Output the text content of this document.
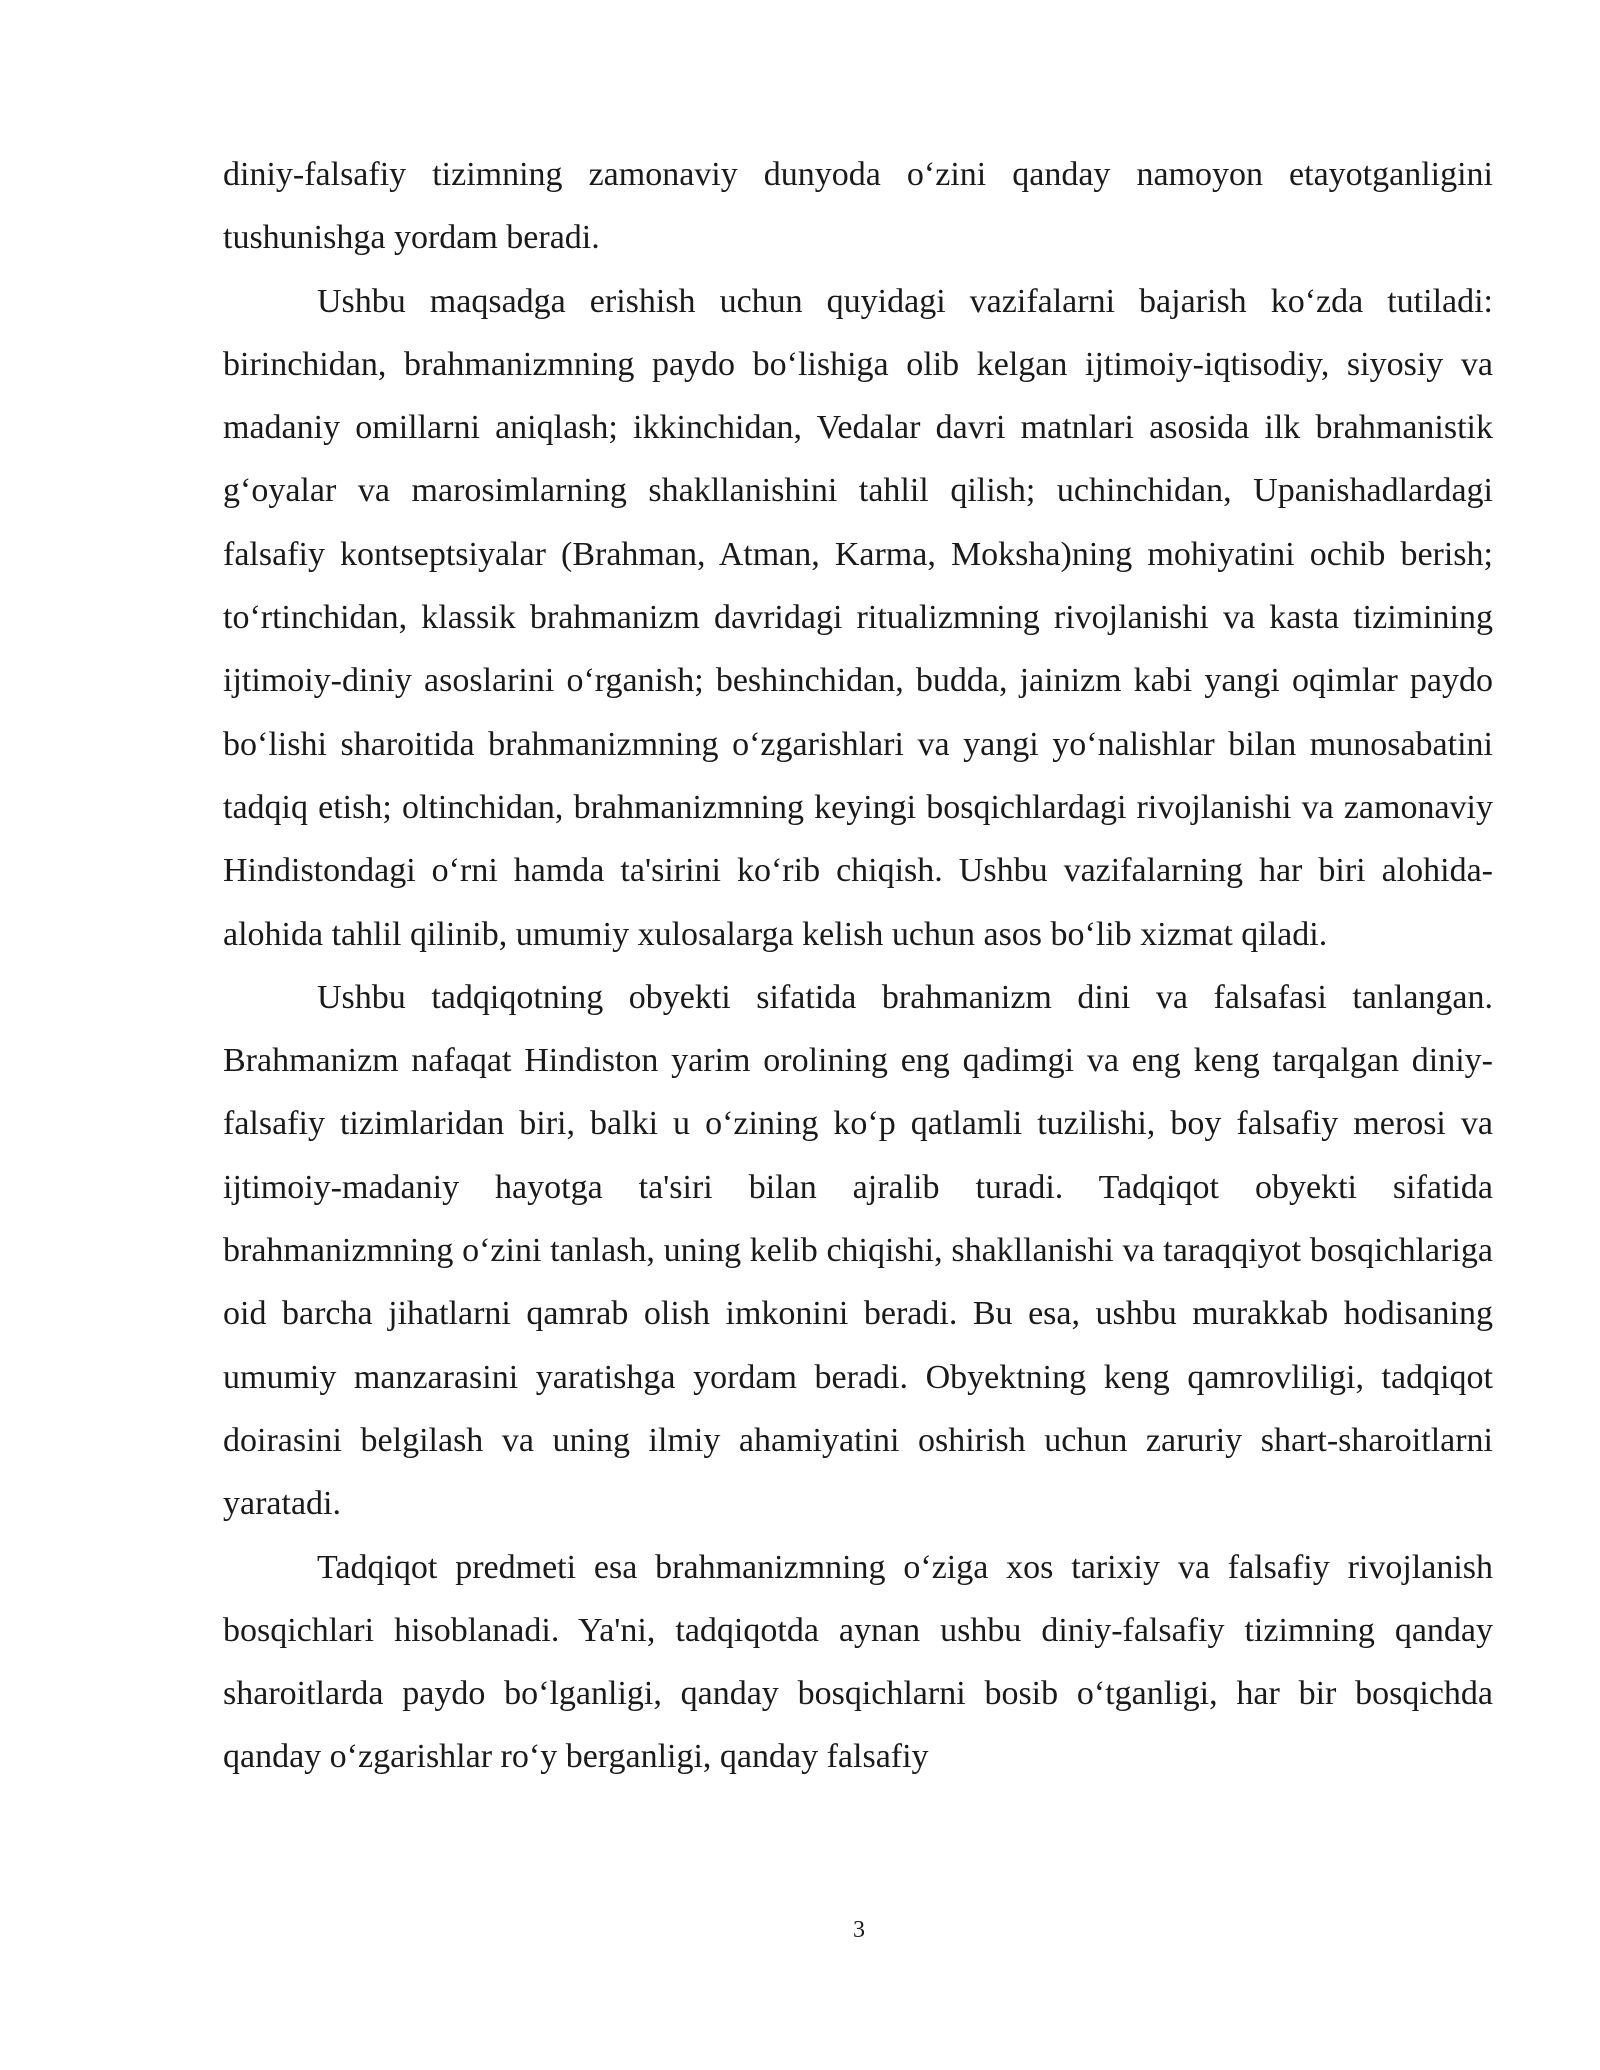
diniy-falsafiy tizimning zamonaviy dunyoda o‘zini qanday namoyon etayotganligini tushunishga yordam beradi.

Ushbu maqsadga erishish uchun quyidagi vazifalarni bajarish ko‘zda tutiladi: birinchidan, brahmanizmning paydo bo‘lishiga olib kelgan ijtimoiy-iqtisodiy, siyosiy va madaniy omillarni aniqlash; ikkinchidan, Vedalar davri matnlari asosida ilk brahmanistik g‘oyalar va marosimlarning shakllanishini tahlil qilish; uchinchidan, Upanishadlardagi falsafiy kontseptsiyalar (Brahman, Atman, Karma, Moksha)ning mohiyatini ochib berish; to‘rtinchidan, klassik brahmanizm davridagi ritualizmning rivojlanishi va kasta tizimining ijtimoiy-diniy asoslarini o‘rganish; beshinchidan, budda, jainizm kabi yangi oqimlar paydo bo‘lishi sharoitida brahmanizmning o‘zgarishlari va yangi yo‘nalishlar bilan munosabatini tadqiq etish; oltinchidan, brahmanizmning keyingi bosqichlardagi rivojlanishi va zamonaviy Hindistondagi o‘rni hamda ta'sirini ko‘rib chiqish. Ushbu vazifalarning har biri alohida-alohida tahlil qilinib, umumiy xulosalarga kelish uchun asos bo‘lib xizmat qiladi.

Ushbu tadqiqotning obyekti sifatida brahmanizm dini va falsafasi tanlangan. Brahmanizm nafaqat Hindiston yarim orolining eng qadimgi va eng keng tarqalgan diniy-falsafiy tizimlaridan biri, balki u o‘zining ko‘p qatlamli tuzilishi, boy falsafiy merosi va ijtimoiy-madaniy hayotga ta'siri bilan ajralib turadi. Tadqiqot obyekti sifatida brahmanizmning o‘zini tanlash, uning kelib chiqishi, shakllanishi va taraqqiyot bosqichlariga oid barcha jihatlarni qamrab olish imkonini beradi. Bu esa, ushbu murakkab hodisaning umumiy manzarasini yaratishga yordam beradi. Obyektning keng qamrovliligi, tadqiqot doirasini belgilash va uning ilmiy ahamiyatini oshirish uchun zaruriy shart-sharoitlarni yaratadi.

Tadqiqot predmeti esa brahmanizmning o‘ziga xos tarixiy va falsafiy rivojlanish bosqichlari hisoblanadi. Ya'ni, tadqiqotda aynan ushbu diniy-falsafiy tizimning qanday sharoitlarda paydo bo‘lganligi, qanday bosqichlarni bosib o‘tganligi, har bir bosqichda qanday o‘zgarishlar ro‘y berganligi, qanday falsafiy

3
